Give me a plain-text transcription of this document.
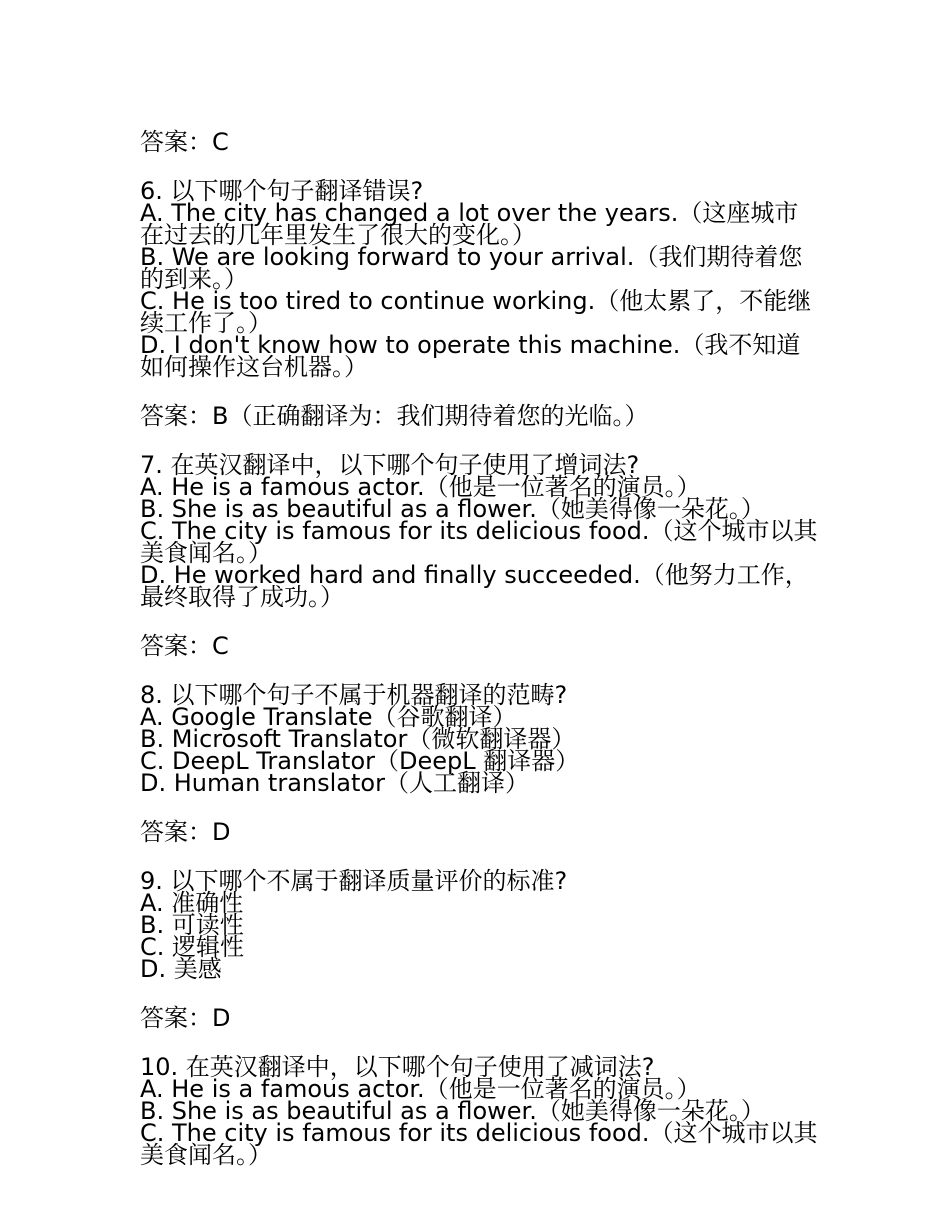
答案：C

6. 以下哪个句子翻译错误?

A. The city has changed a lot over the years.（这座城市在过去的几年里发生了很大的变化。）

B. We are looking forward to your arrival.（我们期待着您的到来。）

C. He is too tired to continue working.（他太累了，不能继续工作了。）

D. I don't know how to operate this machine.（我不知道如何操作这台机器。）

答案：B（正确翻译为：我们期待着您的光临。）

7. 在英汉翻译中，以下哪个句子使用了增词法?

A. He is a famous actor.（他是一位著名的演员。）

B. She is as beautiful as a flower.（她美得像一朵花。）

C. The city is famous for its delicious food.（这个城市以其美食闻名。）

D. He worked hard and finally succeeded.（他努力工作，最终取得了成功。）

答案：C

8. 以下哪个句子不属于机器翻译的范畴?

A. Google Translate（谷歌翻译）

B. Microsoft Translator（微软翻译器）

C. DeepL Translator（DeepL 翻译器）

D. Human translator（人工翻译）

答案：D

9. 以下哪个不属于翻译质量评价的标准?

A. 准确性

B. 可读性

C. 逻辑性

D. 美感

答案：D

10. 在英汉翻译中，以下哪个句子使用了减词法?

A. He is a famous actor.（他是一位著名的演员。）

B. She is as beautiful as a flower.（她美得像一朵花。）

C. The city is famous for its delicious food.（这个城市以其美食闻名。）
